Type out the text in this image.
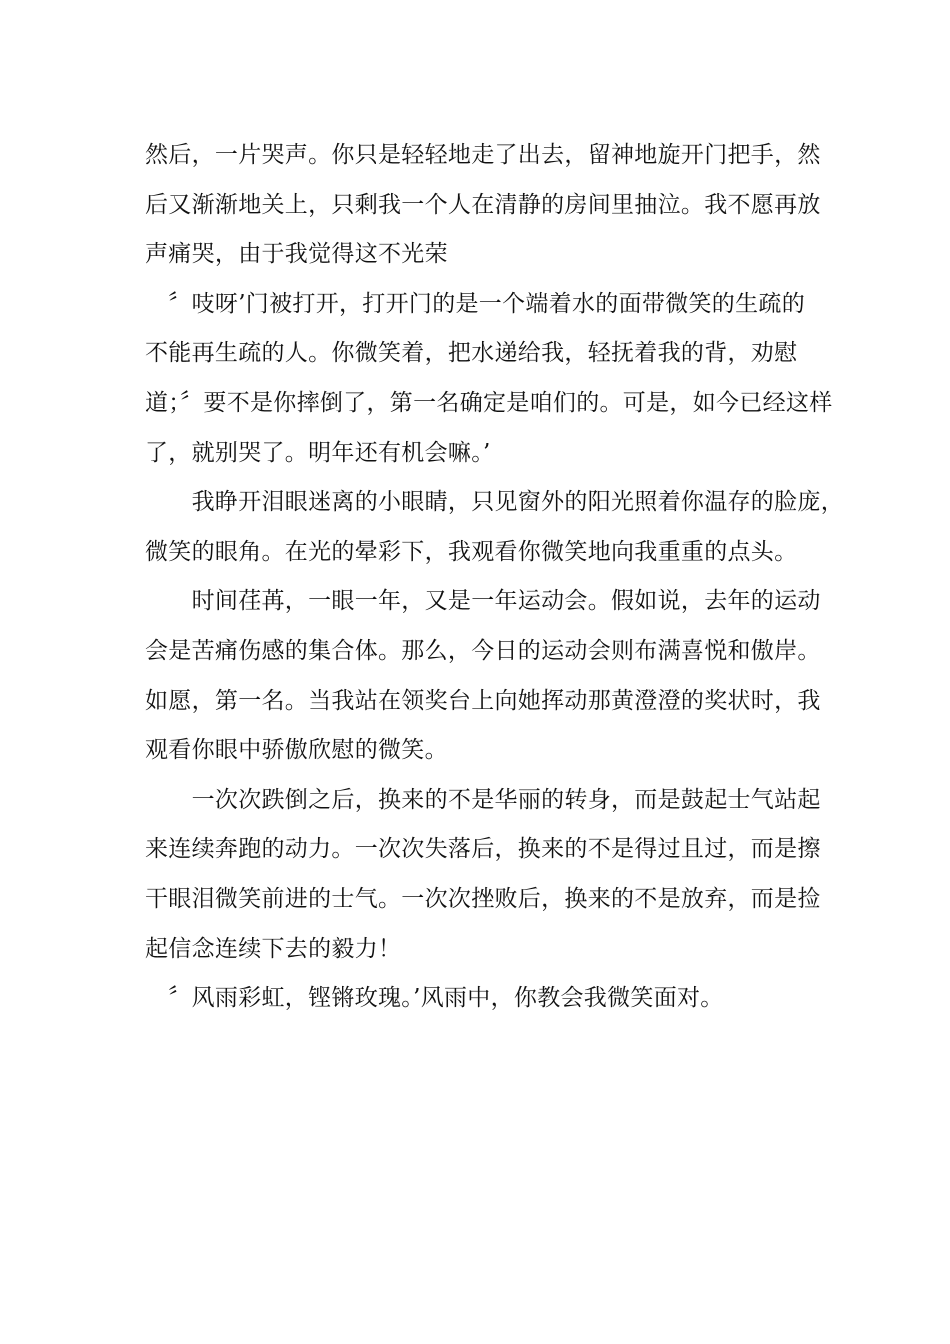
然后，一片哭声。你只是轻轻地走了出去，留神地旋开门把手，然
后又渐渐地关上，只剩我一个人在清静的房间里抽泣。我不愿再放
声痛哭，由于我觉得这不光荣
　〞吱呀’门被打开，打开门的是一个端着水的面带微笑的生疏的
不能再生疏的人。你微笑着，把水递给我，轻抚着我的背，劝慰
道；〞要不是你摔倒了，第一名确定是咱们的。可是，如今已经这样
了，就别哭了。明年还有机会嘛。’
　　我睁开泪眼迷离的小眼睛，只见窗外的阳光照着你温存的脸庞，
微笑的眼角。在光的晕彩下，我观看你微笑地向我重重的点头。
　　时间荏苒，一眼一年，又是一年运动会。假如说，去年的运动
会是苦痛伤感的集合体。那么，今日的运动会则布满喜悦和傲岸。
如愿，第一名。当我站在领奖台上向她挥动那黄澄澄的奖状时，我
观看你眼中骄傲欣慰的微笑。
　　一次次跌倒之后，换来的不是华丽的转身，而是鼓起士气站起
来连续奔跑的动力。一次次失落后，换来的不是得过且过，而是擦
干眼泪微笑前进的士气。一次次挫败后，换来的不是放弃，而是捡
起信念连续下去的毅力！
　〞风雨彩虹，铿锵玫瑰。’风雨中，你教会我微笑面对。
